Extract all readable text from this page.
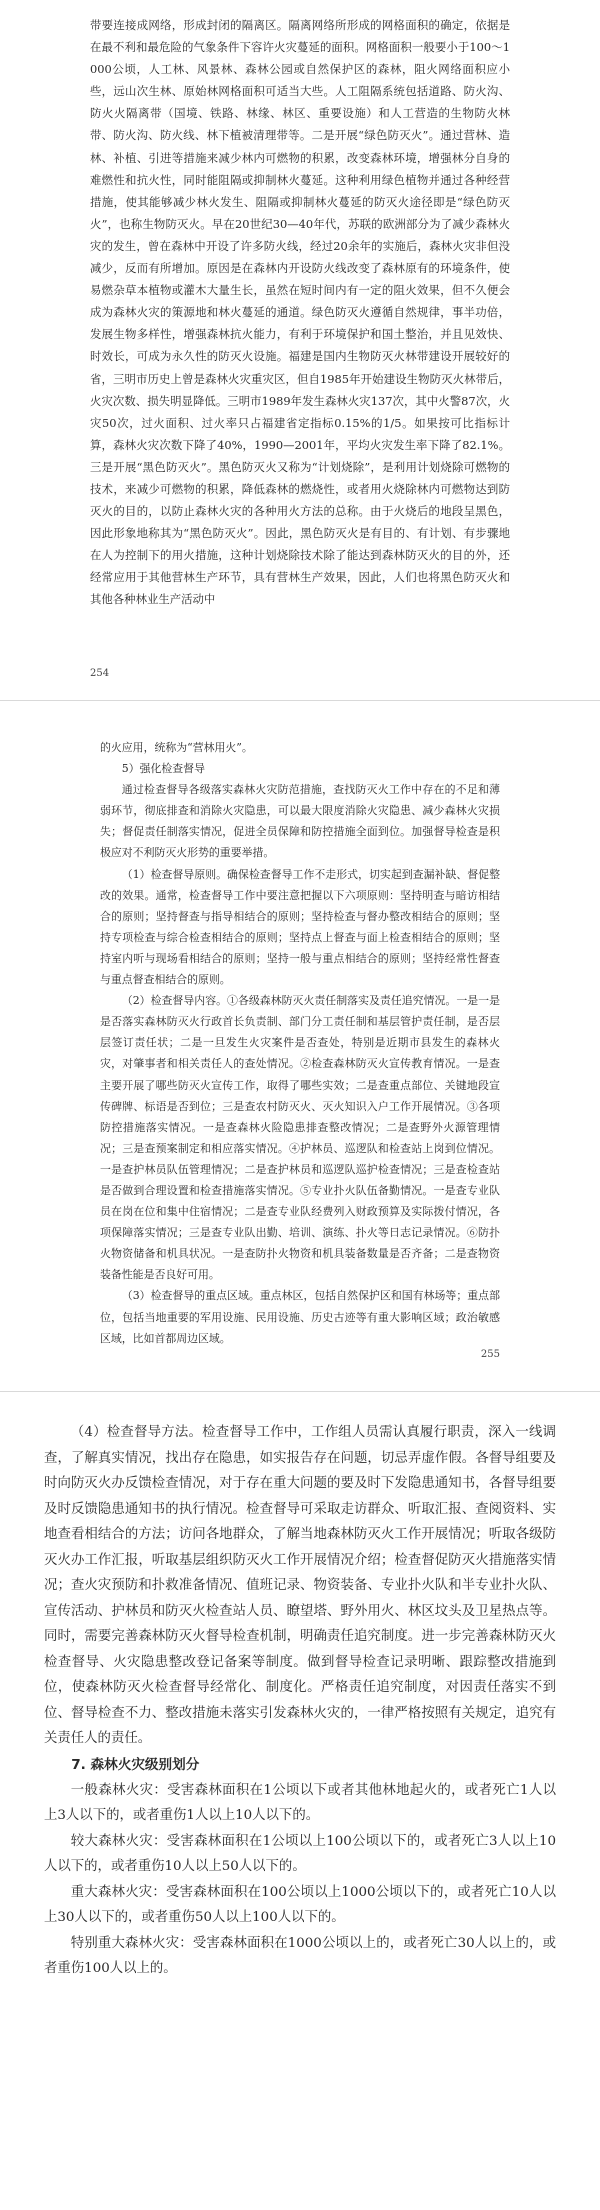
带要连接成网络，形成封闭的隔离区。隔离网络所形成的网格面积的确定，依据是在最不利和最危险的气象条件下容许火灾蔓延的面积。网格面积一般要小于100～1000公顷，人工林、风景林、森林公园或自然保护区的森林，阻火网络面积应小些，远山次生林、原始林网格面积可适当大些。人工阻隔系统包括道路、防火沟、防火火隔离带（国境、铁路、林缘、林区、重要设施）和人工营造的生物防火林带、防火沟、防火线、林下植被清理带等。二是开展“绿色防灭火”。通过营林、造林、补植、引进等措施来减少林内可燃物的积累，改变森林环境，增强林分自身的难燃性和抗火性，同时能阻隔或抑制林火蔓延。这种利用绿色植物并通过各种经营措施，使其能够减少林火发生、阻隔或抑制林火蔓延的防灭火途径即是“绿色防灭火”，也称生物防灭火。早在20世纪30—40年代，苏联的欧洲部分为了减少森林火灾的发生，曾在森林中开设了许多防火线，经过20余年的实施后，森林火灾非但没减少，反而有所增加。原因是在森林内开设防火线改变了森林原有的环境条件，使易燃杂草本植物或灌木大量生长，虽然在短时间内有一定的阻火效果，但不久便会成为森林火灾的策源地和林火蔓延的通道。绿色防灭火遵循自然规律，事半功倍，发展生物多样性，增强森林抗火能力，有利于环境保护和国土整治，并且见效快、时效长，可成为永久性的防灭火设施。福建是国内生物防灭火林带建设开展较好的省，三明市历史上曾是森林火灾重灾区，但自1985年开始建设生物防灭火林带后，火灾次数、损失明显降低。三明市1989年发生森林火灾137次，其中火警87次，火灾50次，过火面积、过火率只占福建省定指标0.15%的1/5。如果按可比指标计算，森林火灾次数下降了40%，1990—2001年，平均火灾发生率下降了82.1%。三是开展“黑色防灭火”。黑色防灭火又称为“计划烧除”，是利用计划烧除可燃物的技术，来减少可燃物的积累，降低森林的燃烧性，或者用火烧除林内可燃物达到防灭火的目的，以防止森林火灾的各种用火方法的总称。由于火烧后的地段呈黑色，因此形象地称其为“黑色防灭火”。因此，黑色防灭火是有目的、有计划、有步骤地在人为控制下的用火措施，这种计划烧除技术除了能达到森林防灭火的目的外，还经常应用于其他营林生产环节，具有营林生产效果，因此，人们也将黑色防灭火和其他各种林业生产活动中

254

的火应用，统称为“营林用火”。

5）强化检查督导

通过检查督导各级落实森林火灾防范措施，查找防灭火工作中存在的不足和薄弱环节，彻底排查和消除火灾隐患，可以最大限度消除火灾隐患、减少森林火灾损失；督促责任制落实情况，促进全员保障和防控措施全面到位。加强督导检查是积极应对不利防灭火形势的重要举措。

（1）检查督导原则。确保检查督导工作不走形式，切实起到查漏补缺、督促整改的效果。通常，检查督导工作中要注意把握以下六项原则：坚持明查与暗访相结合的原则；坚持督查与指导相结合的原则；坚持检查与督办整改相结合的原则；坚持专项检查与综合检查相结合的原则；坚持点上督查与面上检查相结合的原则；坚持室内听与现场看相结合的原则；坚持一般与重点相结合的原则；坚持经常性督查与重点督查相结合的原则。

（2）检查督导内容。①各级森林防灭火责任制落实及责任追究情况。一是一是是否落实森林防灭火行政首长负责制、部门分工责任制和基层管护责任制，是否层层签订责任状；二是一旦发生火灾案件是否查处，特别是近期市县发生的森林火灾，对肇事者和相关责任人的查处情况。②检查森林防灭火宣传教育情况。一是查主要开展了哪些防灭火宣传工作，取得了哪些实效；二是查重点部位、关键地段宣传碑牌、标语是否到位；三是查农村防灭火、灭火知识入户工作开展情况。③各项防控措施落实情况。一是查森林火险隐患排查整改情况；二是查野外火源管理情况；三是查预案制定和相应落实情况。④护林员、巡逻队和检查站上岗到位情况。一是查护林员队伍管理情况；二是查护林员和巡逻队巡护检查情况；三是查检查站是否做到合理设置和检查措施落实情况。⑤专业扑火队伍备勤情况。一是查专业队员在岗在位和集中住宿情况；二是查专业队经费列入财政预算及实际拨付情况，各项保障落实情况；三是查专业队出勤、培训、演练、扑火等日志记录情况。⑥防扑火物资储备和机具状况。一是查防扑火物资和机具装备数量是否齐备；二是查物资装备性能是否良好可用。

（3）检查督导的重点区域。重点林区，包括自然保护区和国有林场等；重点部位，包括当地重要的军用设施、民用设施、历史古迹等有重大影响区域；政治敏感区域，比如首都周边区域。

255

（4）检查督导方法。检查督导工作中，工作组人员需认真履行职责，深入一线调查，了解真实情况，找出存在隐患，如实报告存在问题，切忌弄虚作假。各督导组要及时向防灭火办反馈检查情况，对于存在重大问题的要及时下发隐患通知书，各督导组要及时反馈隐患通知书的执行情况。检查督导可采取走访群众、听取汇报、查阅资料、实地查看相结合的方法；访问各地群众，了解当地森林防灭火工作开展情况；听取各级防灭火办工作汇报，听取基层组织防灭火工作开展情况介绍；检查督促防灭火措施落实情况；查火灾预防和扑救准备情况、值班记录、物资装备、专业扑火队和半专业扑火队、宣传活动、护林员和防灭火检查站人员、瞭望塔、野外用火、林区坟头及卫星热点等。同时，需要完善森林防灭火督导检查机制，明确责任追究制度。进一步完善森林防灭火检查督导、火灾隐患整改登记备案等制度。做到督导检查记录明晰、跟踪整改措施到位，使森林防灭火检查督导经常化、制度化。严格责任追究制度，对因责任落实不到位、督导检查不力、整改措施未落实引发森林火灾的，一律严格按照有关规定，追究有关责任人的责任。

7. 森林火灾级别划分

一般森林火灾：受害森林面积在1公顷以下或者其他林地起火的，或者死亡1人以上3人以下的，或者重伤1人以上10人以下的。

较大森林火灾：受害森林面积在1公顷以上100公顷以下的，或者死亡3人以上10人以下的，或者重伤10人以上50人以下的。

重大森林火灾：受害森林面积在100公顷以上1000公顷以下的，或者死亡10人以上30人以下的，或者重伤50人以上100人以下的。

特别重大森林火灾：受害森林面积在1000公顷以上的，或者死亡30人以上的，或者重伤100人以上的。
